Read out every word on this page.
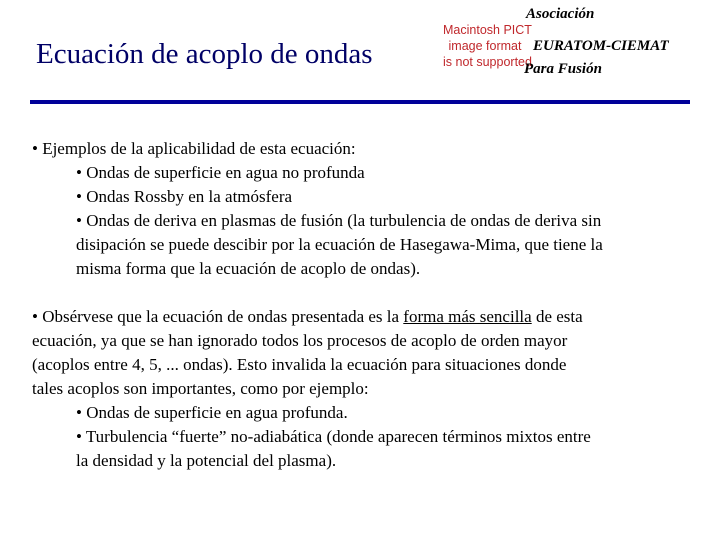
Ecuación de acoplo de ondas
Macintosh PICT
image format
is not supported
Asociación
EURATOM-CIEMAT
Para Fusión

• Ejemplos de la aplicabilidad de esta ecuación:

• Ondas de superficie en agua no profunda

• Ondas Rossby en la atmósfera

• Ondas de deriva en plasmas de fusión (la turbulencia de ondas de deriva sin

disipación se puede descibir por la ecuación de Hasegawa-Mima, que tiene la

misma forma que la ecuación de acoplo de ondas).

• Obsérvese que la ecuación de ondas presentada es la forma más sencilla de esta

ecuación, ya que se han ignorado todos los procesos de acoplo de orden mayor

(acoplos entre 4, 5, ... ondas). Esto invalida la ecuación para situaciones donde

tales acoplos son importantes, como por ejemplo:

• Ondas de superficie en agua profunda.

• Turbulencia “fuerte” no-adiabática (donde aparecen términos mixtos entre

la densidad y la potencial del plasma).
